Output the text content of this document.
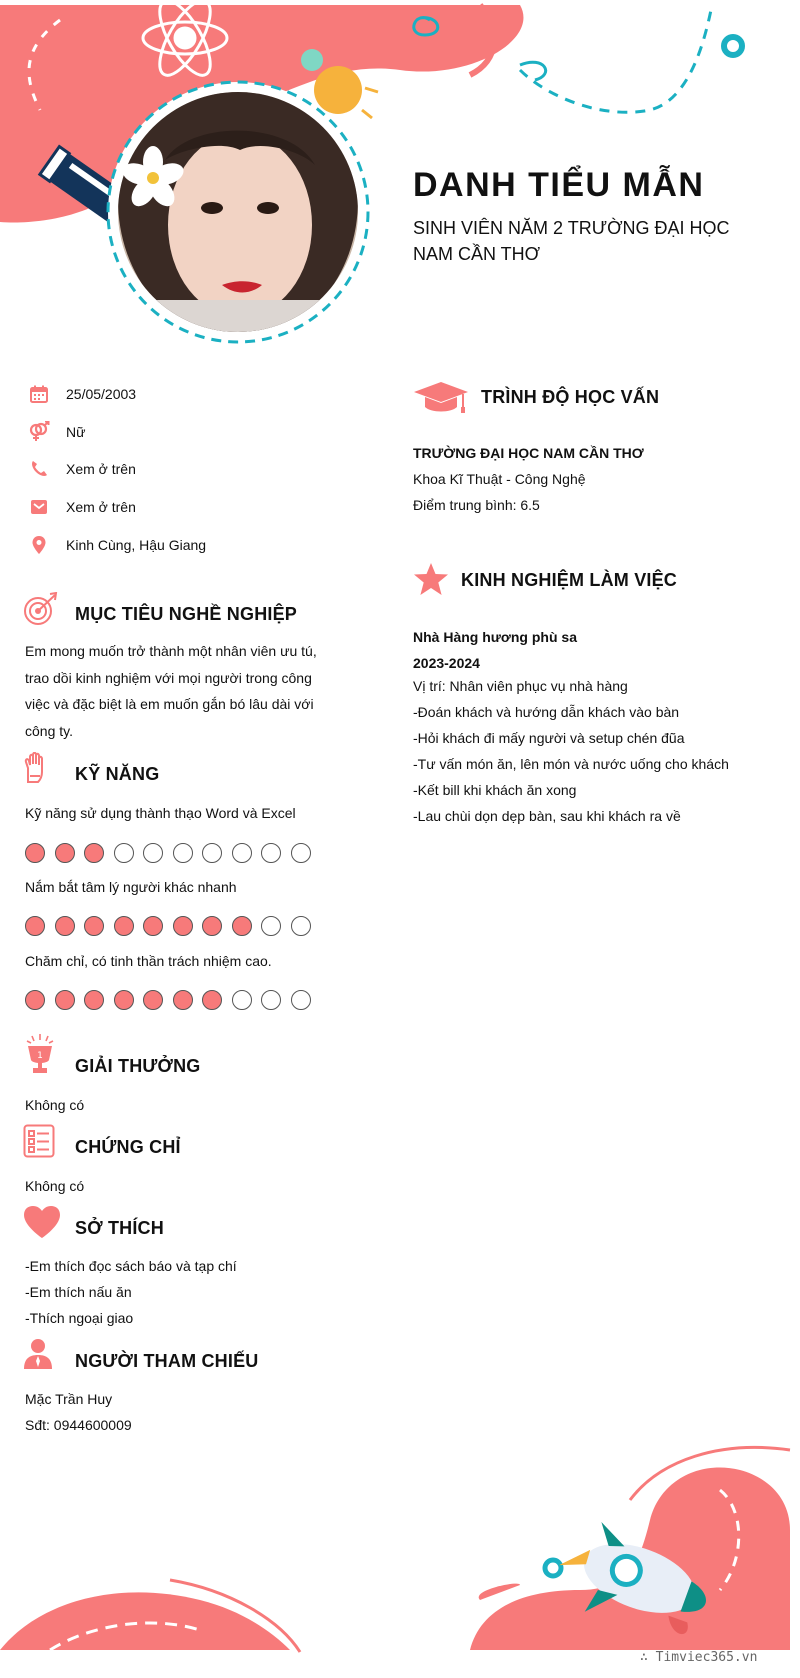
DANH TIỂU MẪN
SINH VIÊN NĂM 2 TRƯỜNG ĐẠI HỌC NAM CẦN THƠ
25/05/2003
Nữ
Xem ở trên
Xem ở trên
Kinh Cùng, Hậu Giang
MỤC TIÊU NGHỀ NGHIỆP
Em mong muốn trở thành một nhân viên ưu tú, trao dồi kinh nghiệm với mọi người trong công việc và đặc biệt là em muốn gắn bó lâu dài với công ty.
KỸ NĂNG
Kỹ năng sử dụng thành thạo Word và Excel
Nắm bắt tâm lý người khác nhanh
Chăm chỉ, có tinh thần trách nhiệm cao.
1 GIẢI THƯỞNG
Không có
CHỨNG CHỈ
Không có
SỞ THÍCH
-Em thích đọc sách báo và tạp chí
-Em thích nấu ăn
-Thích ngoại giao
NGƯỜI THAM CHIẾU
Mặc Trần Huy
Sđt: 0944600009
TRÌNH ĐỘ HỌC VẤN
TRƯỜNG ĐẠI HỌC NAM CẦN THƠ
Khoa Kĩ Thuật - Công Nghệ
Điểm trung bình: 6.5
KINH NGHIỆM LÀM VIỆC
Nhà Hàng hương phù sa
2023-2024
Vị trí: Nhân viên phục vụ nhà hàng
-Đoán khách và hướng dẫn khách vào bàn
-Hỏi khách đi mấy người và setup chén đũa
-Tư vấn món ăn, lên món và nước uống cho khách
-Kết bill khi khách ăn xong
-Lau chùi dọn dẹp bàn, sau khi khách ra về
∴ Timviec365.vn
